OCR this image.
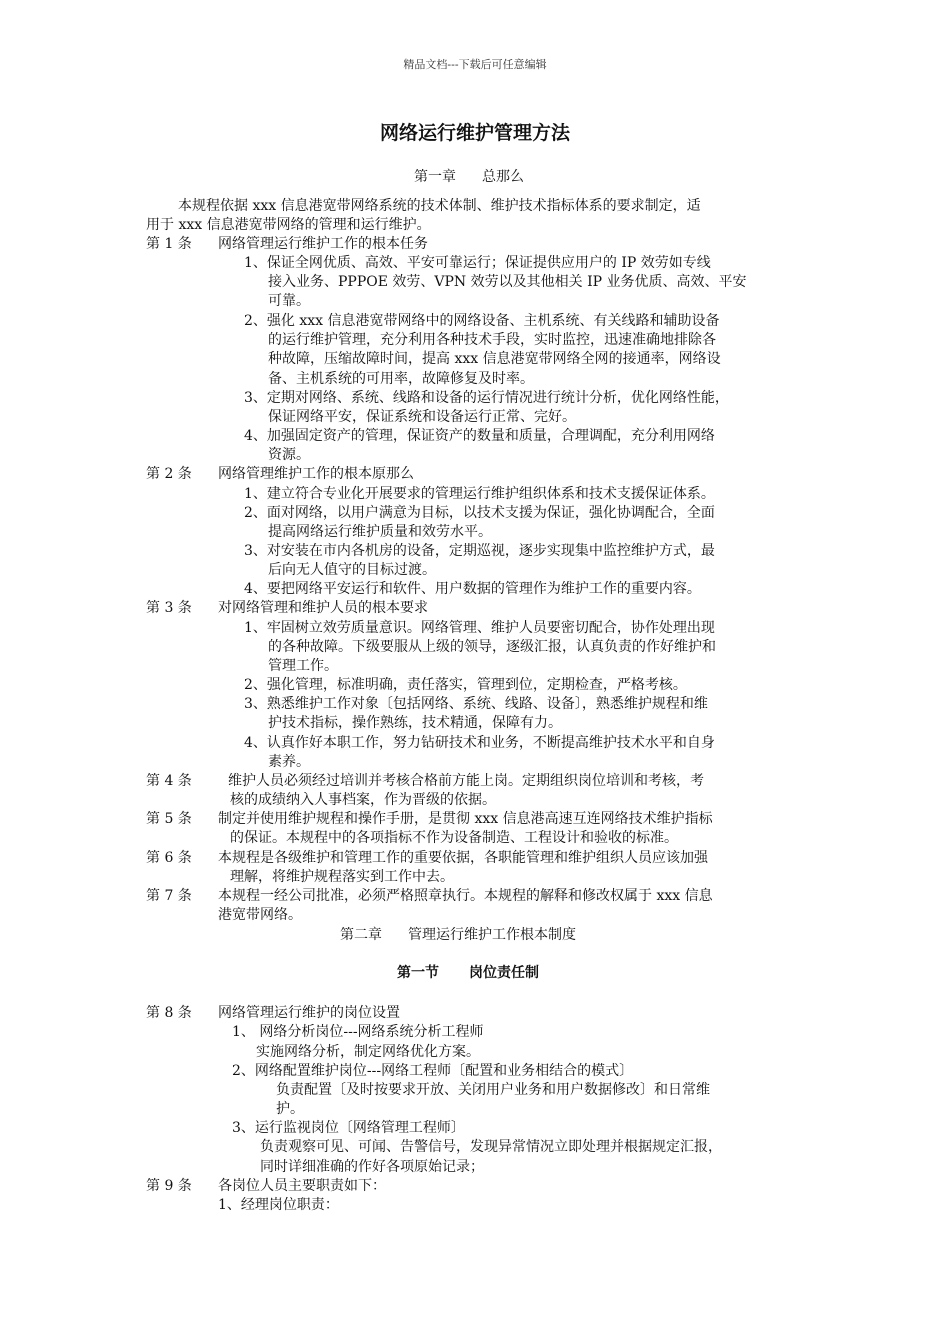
精品文档---下载后可任意编辑
网络运行维护管理方法
第一章 总那么
本规程依据 xxx 信息港宽带网络系统的技术体制、维护技术指标体系的要求制定，适
用于 xxx 信息港宽带网络的管理和运行维护。
第 1 条 网络管理运行维护工作的根本任务
1、保证全网优质、高效、平安可靠运行；保证提供应用户的 IP 效劳如专线
接入业务、PPPOE 效劳、VPN 效劳以及其他相关 IP 业务优质、高效、平安
可靠。
2、强化 xxx 信息港宽带网络中的网络设备、主机系统、有关线路和辅助设备
的运行维护管理，充分利用各种技术手段，实时监控，迅速准确地排除各
种故障，压缩故障时间，提高 xxx 信息港宽带网络全网的接通率，网络设
备、主机系统的可用率，故障修复及时率。
3、定期对网络、系统、线路和设备的运行情况进行统计分析，优化网络性能，
保证网络平安，保证系统和设备运行正常、完好。
4、加强固定资产的管理，保证资产的数量和质量，合理调配，充分利用网络
资源。
第 2 条 网络管理维护工作的根本原那么
1、建立符合专业化开展要求的管理运行维护组织体系和技术支援保证体系。
2、面对网络，以用户满意为目标，以技术支援为保证，强化协调配合，全面
提高网络运行维护质量和效劳水平。
3、对安装在市内各机房的设备，定期巡视，逐步实现集中监控维护方式，最
后向无人值守的目标过渡。
4、要把网络平安运行和软件、用户数据的管理作为维护工作的重要内容。
第 3 条 对网络管理和维护人员的根本要求
1、牢固树立效劳质量意识。网络管理、维护人员要密切配合，协作处理出现
的各种故障。下级要服从上级的领导，逐级汇报，认真负责的作好维护和
管理工作。
2、强化管理，标准明确，责任落实，管理到位，定期检查，严格考核。
3、熟悉维护工作对象〔包括网络、系统、线路、设备〕，熟悉维护规程和维
护技术指标，操作熟练，技术精通，保障有力。
4、认真作好本职工作，努力钻研技术和业务，不断提高维护技术水平和自身
素养。
第 4 条	维护人员必须经过培训并考核合格前方能上岗。定期组织岗位培训和考核，考
核的成绩纳入人事档案，作为晋级的依据。
第 5 条 制定并使用维护规程和操作手册，是贯彻 xxx 信息港高速互连网络技术维护指标
的保证。本规程中的各项指标不作为设备制造、工程设计和验收的标准。
第 6 条 本规程是各级维护和管理工作的重要依据，各职能管理和维护组织人员应该加强
理解，将维护规程落实到工作中去。
第 7 条 本规程一经公司批准，必须严格照章执行。本规程的解释和修改权属于 xxx 信息
港宽带网络。
第二章 管理运行维护工作根本制度
第一节 岗位责任制
第 8 条 网络管理运行维护的岗位设置
1、 网络分析岗位---网络系统分析工程师
实施网络分析，制定网络优化方案。
2、网络配置维护岗位---网络工程师〔配置和业务相结合的模式〕
负责配置〔及时按要求开放、关闭用户业务和用户数据修改〕和日常维
护。
3、运行监视岗位〔网络管理工程师〕
负责观察可见、可闻、告警信号，发现异常情况立即处理并根据规定汇报，
同时详细准确的作好各项原始记录；
第 9 条 各岗位人员主要职责如下：
1、经理岗位职责：
